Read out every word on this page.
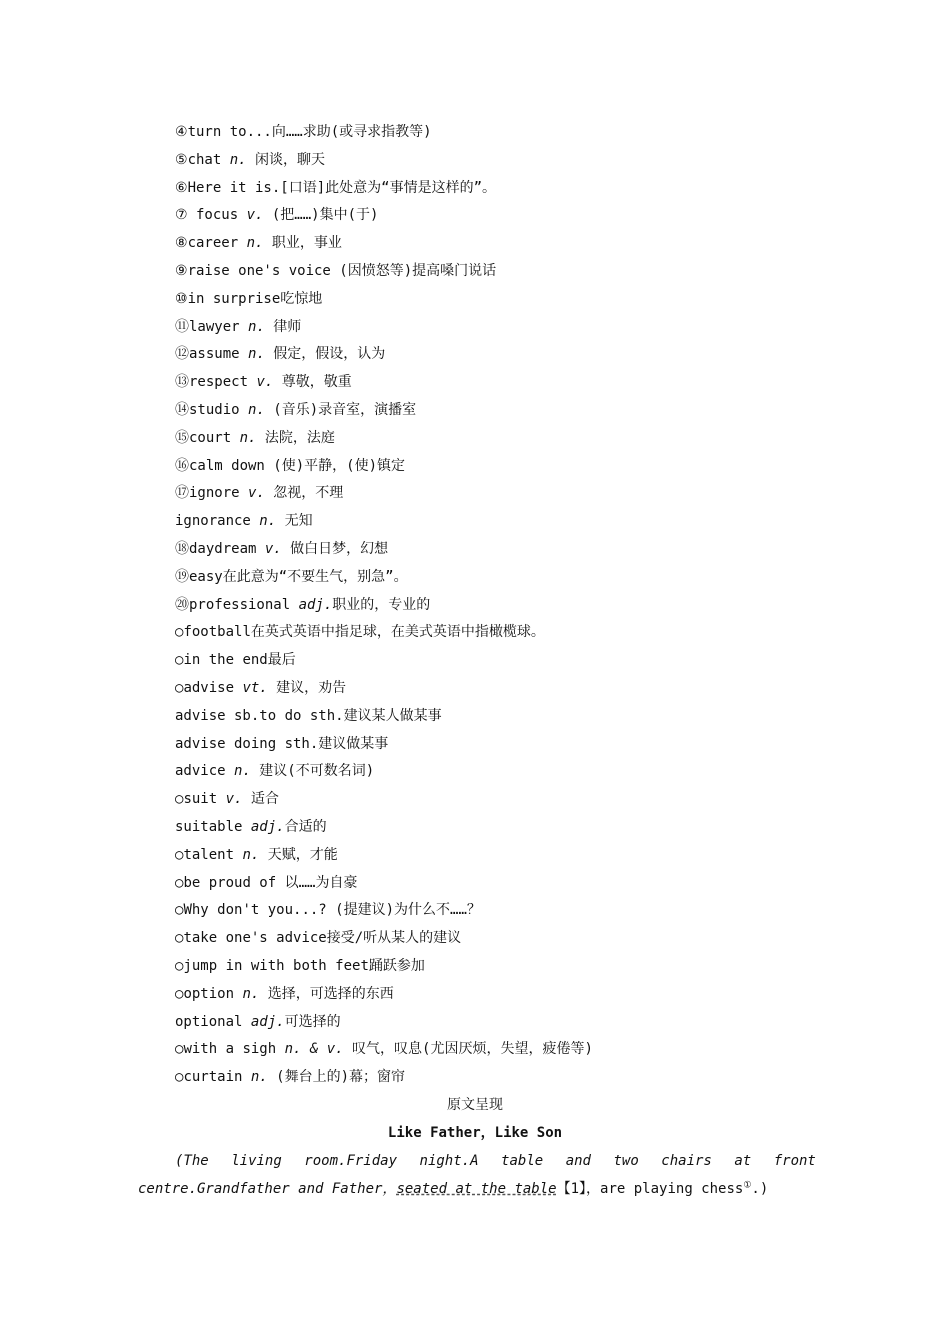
④turn to...向……求助(或寻求指教等)
⑤chat n. 闲谈，聊天
⑥Here it is.[口语]此处意为“事情是这样的”。
⑦ focus v. (把……)集中(于)
⑧career n. 职业，事业
⑨raise one's voice (因愤怒等)提高嗓门说话
⑩in surprise吃惊地
⑪lawyer n. 律师
⑫assume n. 假定，假设，认为
⑬respect v. 尊敬，敬重
⑭studio n. (音乐)录音室，演播室
⑮court n. 法院，法庭
⑯calm down (使)平静，(使)镇定
⑰ignore v. 忽视，不理
ignorance n. 无知
⑱daydream v. 做白日梦，幻想
⑲easy在此意为“不要生气，别急”。
⑳professional adj.职业的，专业的
○football在英式英语中指足球，在美式英语中指橄榄球。
○in the end最后
○advise vt. 建议，劝告
advise sb.to do sth.建议某人做某事
advise doing sth.建议做某事
advice n. 建议(不可数名词)
○suit v. 适合
suitable adj.合适的
○talent n. 天赋，才能
○be proud of 以……为自豪
○Why don't you...? (提建议)为什么不……？
○take one's advice接受/听从某人的建议
○jump in with both feet踊跃参加
○option n. 选择，可选择的东西
optional adj.可选择的
○with a sigh n. & v. 叹气，叹息(尤因厌烦，失望，疲倦等)
○curtain n. (舞台上的)幕；窗帘
原文呈现
Like Father，Like Son
(The living room.Friday night.A table and two chairs at front
centre.Grandfather and Father，seated at the table【1】，are playing chess①.)
